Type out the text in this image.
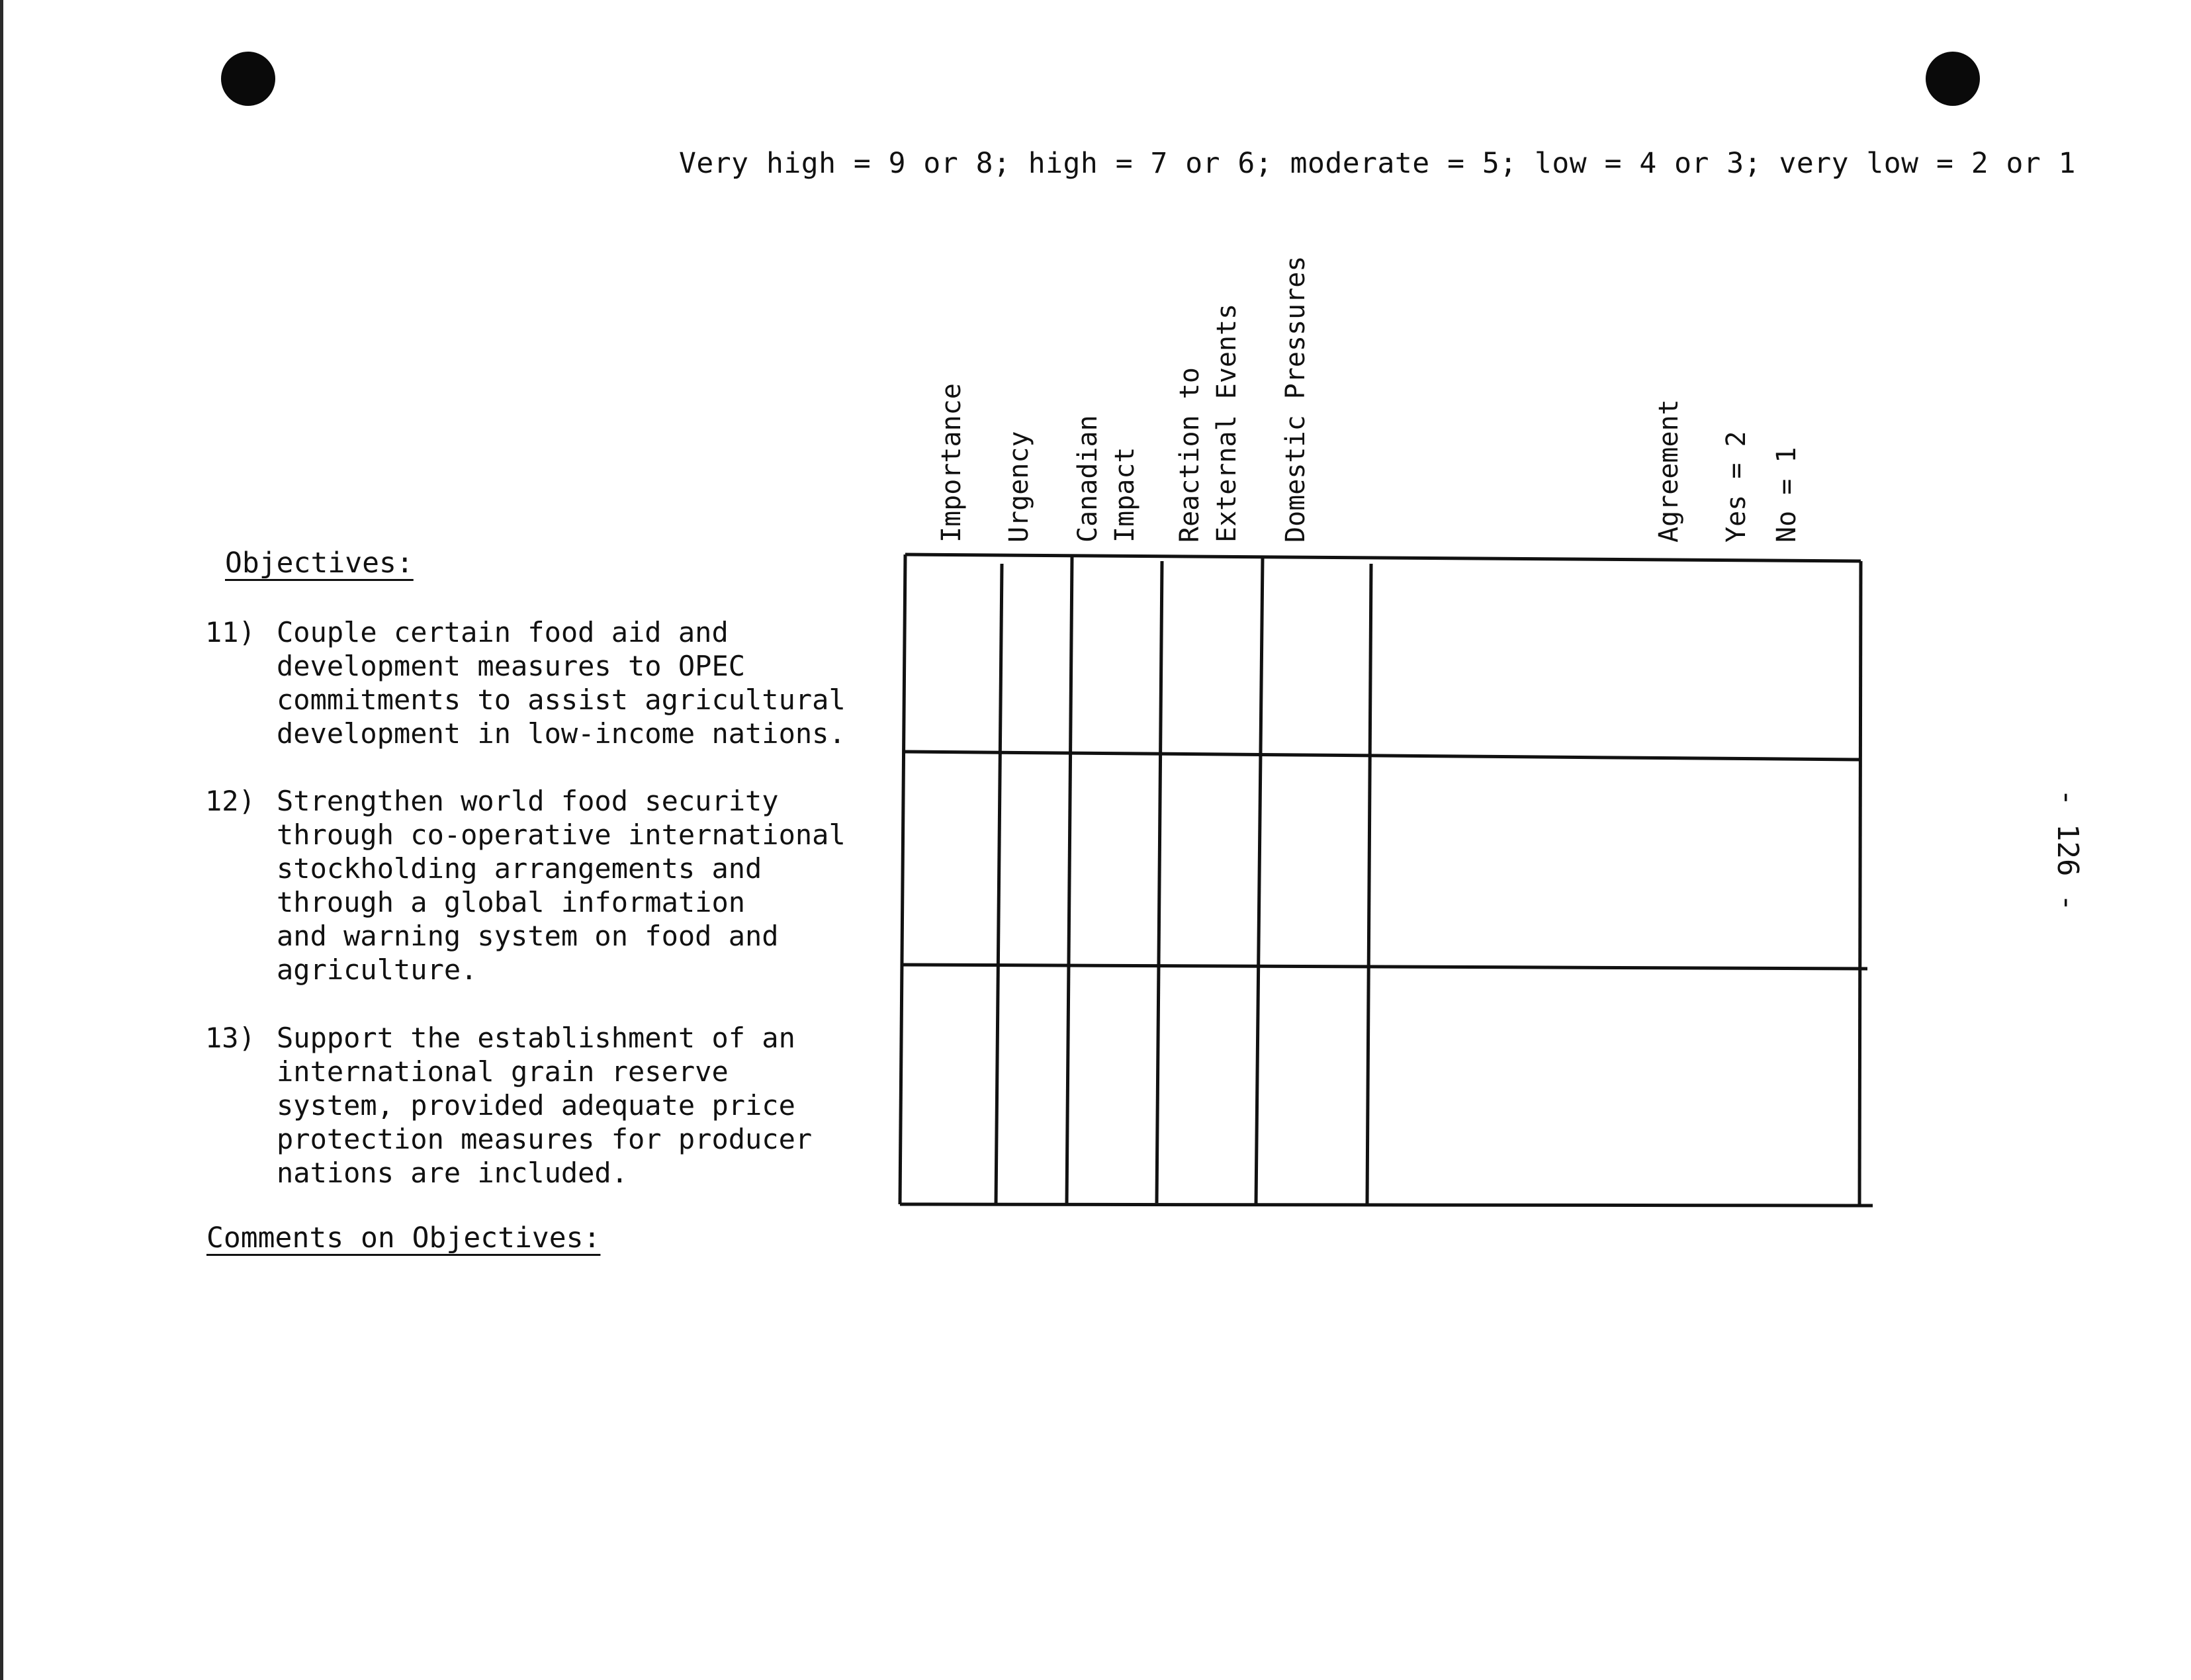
Very high = 9 or 8; high = 7 or 6; moderate = 5; low = 4 or 3; very low = 2 or 1
Importance Urgency Canadian
Impact Reaction to
External Events Domestic Pressures	Agreement Yes = 2 No = 1
Objectives:
11) Couple certain food aid and
development measures to OPEC
commitments to assist agricultural
development in low-income nations.
12) Strengthen world food security
through co-operative international
stockholding arrangements and
through a global information
and warning system on food and
agriculture.
13) Support the establishment of an
international grain reserve
system, provided adequate price
protection measures for producer
nations are included.
Comments on Objectives:
- 126 -
